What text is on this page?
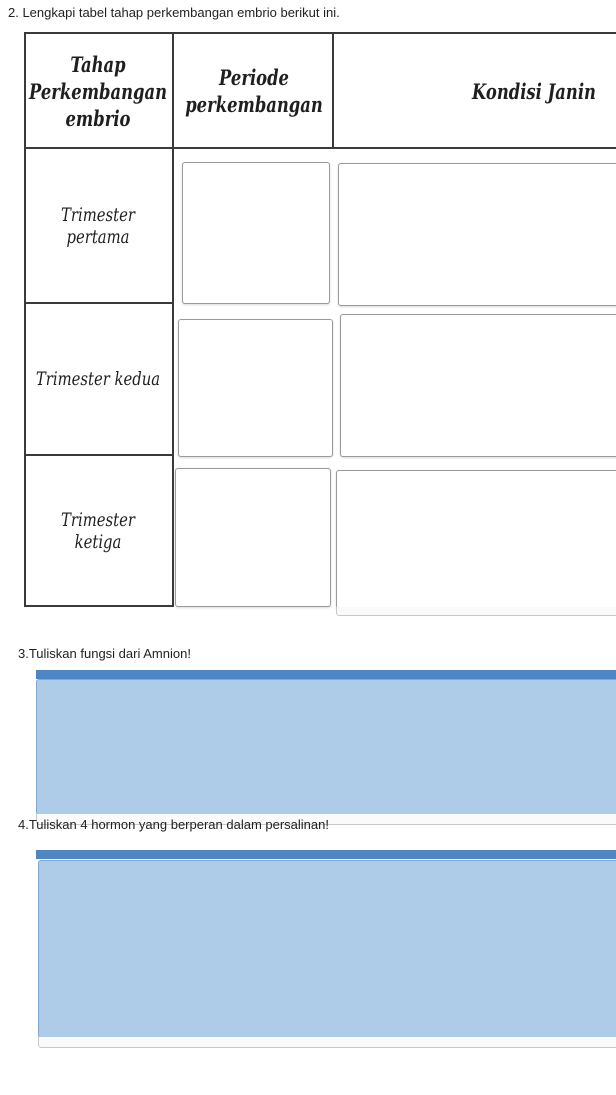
2. Lengkapi tabel tahap perkembangan embrio berikut ini.
Tahap
Perkembangan
embrio
Periode
perkembangan
Kondisi Janin
Trimester pertama
Trimester kedua
Trimester ketiga
3.Tuliskan fungsi dari Amnion!
4.Tuliskan 4 hormon yang berperan dalam persalinan!
